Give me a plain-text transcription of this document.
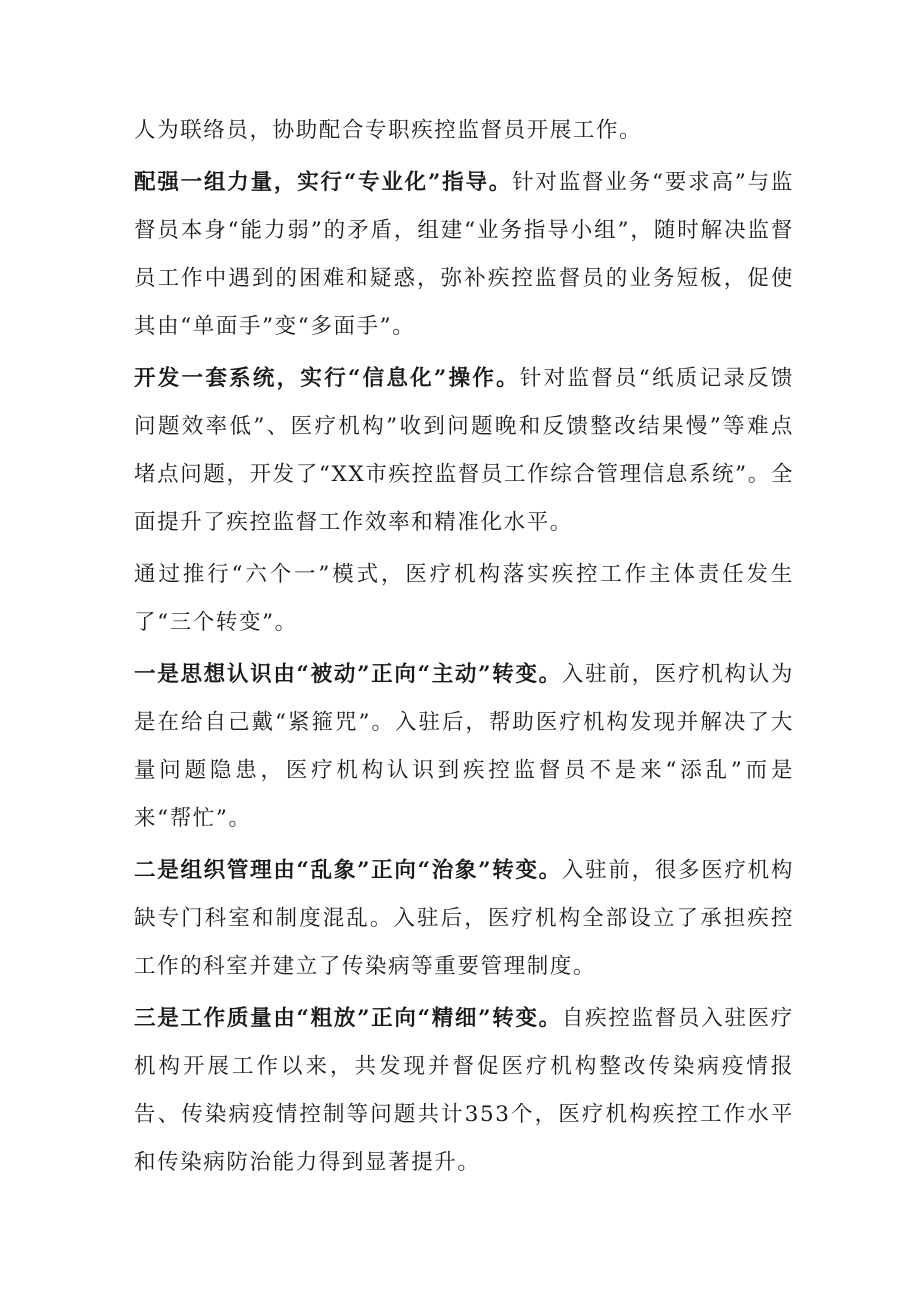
人为联络员，协助配合专职疾控监督员开展工作。

配强一组力量，实行“专业化”指导。针对监督业务“要求高”与监督员本身“能力弱”的矛盾，组建“业务指导小组”，随时解决监督员工作中遇到的困难和疑惑，弥补疾控监督员的业务短板，促使其由“单面手”变“多面手”。

开发一套系统，实行“信息化”操作。针对监督员“纸质记录反馈问题效率低”、医疗机构”收到问题晚和反馈整改结果慢”等难点堵点问题，开发了“XX市疾控监督员工作综合管理信息系统”。全面提升了疾控监督工作效率和精准化水平。

通过推行“六个一”模式，医疗机构落实疾控工作主体责任发生了“三个转变”。

一是思想认识由“被动”正向“主动”转变。入驻前，医疗机构认为是在给自己戴“紧箍咒”。入驻后，帮助医疗机构发现并解决了大量问题隐患，医疗机构认识到疾控监督员不是来“添乱”而是来“帮忙”。

二是组织管理由“乱象”正向“治象”转变。入驻前，很多医疗机构缺专门科室和制度混乱。入驻后，医疗机构全部设立了承担疾控工作的科室并建立了传染病等重要管理制度。

三是工作质量由“粗放”正向“精细”转变。自疾控监督员入驻医疗机构开展工作以来，共发现并督促医疗机构整改传染病疫情报告、传染病疫情控制等问题共计353个，医疗机构疾控工作水平和传染病防治能力得到显著提升。
